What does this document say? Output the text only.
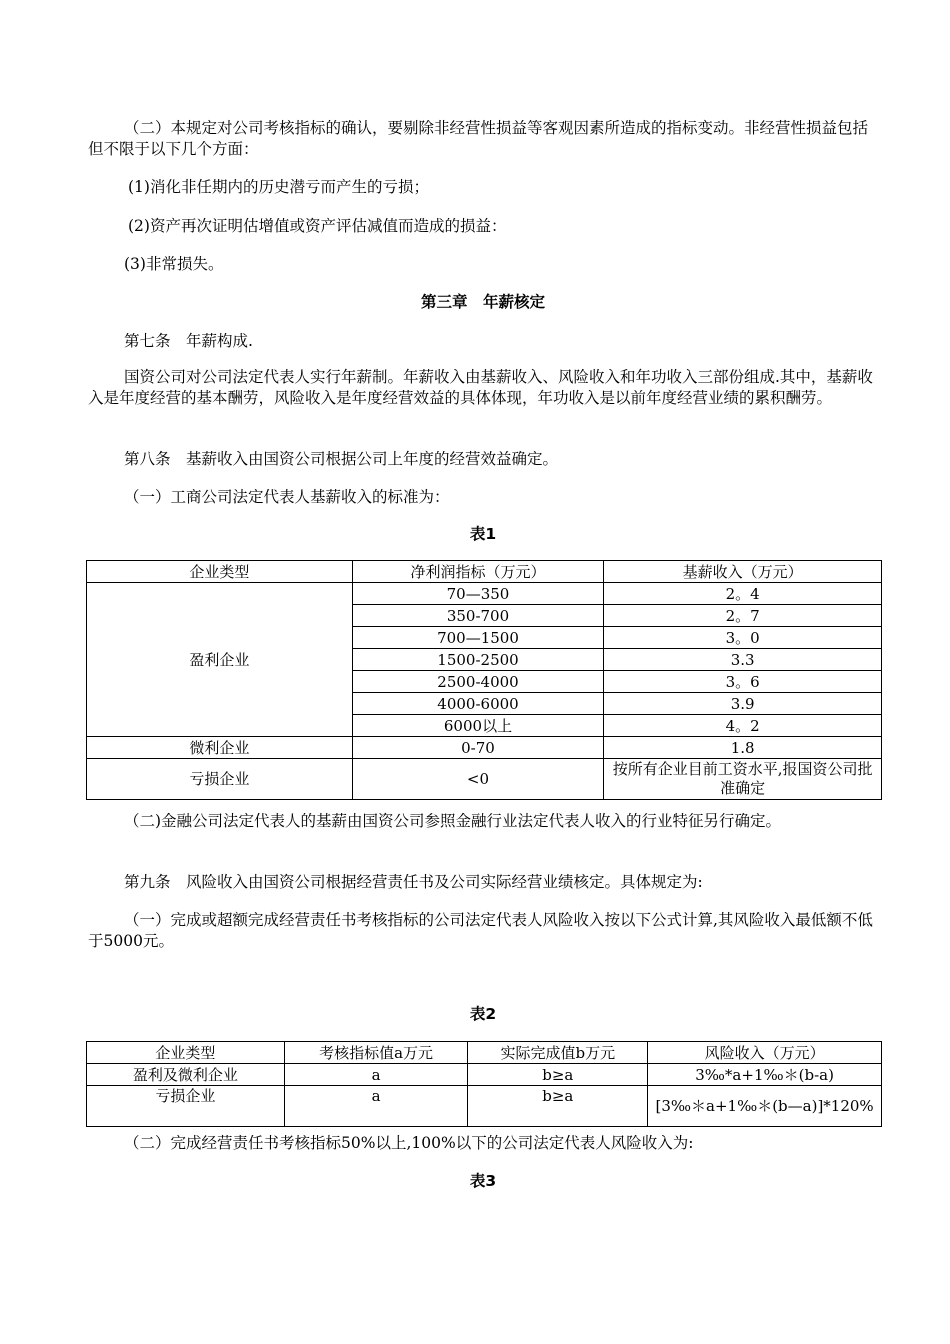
（二）本规定对公司考核指标的确认，要剔除非经营性损益等客观因素所造成的指标变动。非经营性损益包括但不限于以下几个方面：

(1)消化非任期内的历史潜亏而产生的亏损；

(2)资产再次证明估增值或资产评估减值而造成的损益：

(3)非常损失。

第三章　年薪核定

第七条　年薪构成.

国资公司对公司法定代表人实行年薪制。年薪收入由基薪收入、风险收入和年功收入三部份组成.其中，基薪收入是年度经营的基本酬劳，风险收入是年度经营效益的具体体现，年功收入是以前年度经营业绩的累积酬劳。

第八条　基薪收入由国资公司根据公司上年度的经营效益确定。

（一）工商公司法定代表人基薪收入的标准为：

表1

企业类型	净利润指标（万元）	基薪收入（万元）
盈利企业	70—350	2。4
	350-700	2。7
	700—1500	3。0
	1500-2500	3.3
	2500-4000	3。6
	4000-6000	3.9
	6000以上	4。2
微利企业	0-70	1.8
亏损企业	<0	按所有企业目前工资水平,报国资公司批准确定

（二)金融公司法定代表人的基薪由国资公司参照金融行业法定代表人收入的行业特征另行确定。

第九条　风险收入由国资公司根据经营责任书及公司实际经营业绩核定。具体规定为:

（一）完成或超额完成经营责任书考核指标的公司法定代表人风险收入按以下公式计算,其风险收入最低额不低于5000元。

表2

企业类型	考核指标值a万元	实际完成值b万元	风险收入（万元）
盈利及微利企业	a	b≥a	3‰*a+1‰＊(b-a)
亏损企业	a	b≥a	[3‰＊a+1‰＊(b—a)]*120%

（二）完成经营责任书考核指标50%以上,100%以下的公司法定代表人风险收入为:

表3
